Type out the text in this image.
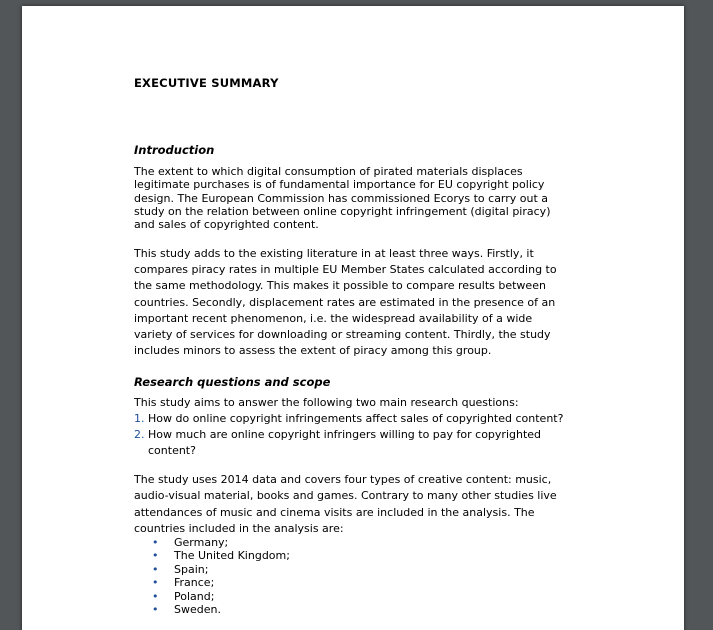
EXECUTIVE SUMMARY
Introduction
The extent to which digital consumption of pirated materials displaces
legitimate purchases is of fundamental importance for EU copyright policy
design. The European Commission has commissioned Ecorys to carry out a
study on the relation between online copyright infringement (digital piracy)
and sales of copyrighted content.
This study adds to the existing literature in at least three ways. Firstly, it
compares piracy rates in multiple EU Member States calculated according to
the same methodology. This makes it possible to compare results between
countries. Secondly, displacement rates are estimated in the presence of an
important recent phenomenon, i.e. the widespread availability of a wide
variety of services for downloading or streaming content. Thirdly, the study
includes minors to assess the extent of piracy among this group.
Research questions and scope
This study aims to answer the following two main research questions:
1. How do online copyright infringements affect sales of copyrighted content?
2. How much are online copyright infringers willing to pay for copyrighted
content?
The study uses 2014 data and covers four types of creative content: music,
audio-visual material, books and games. Contrary to many other studies live
attendances of music and cinema visits are included in the analysis. The
countries included in the analysis are:
•	Germany;
•	The United Kingdom;
•	Spain;
•	France;
•	Poland;
•	Sweden.
